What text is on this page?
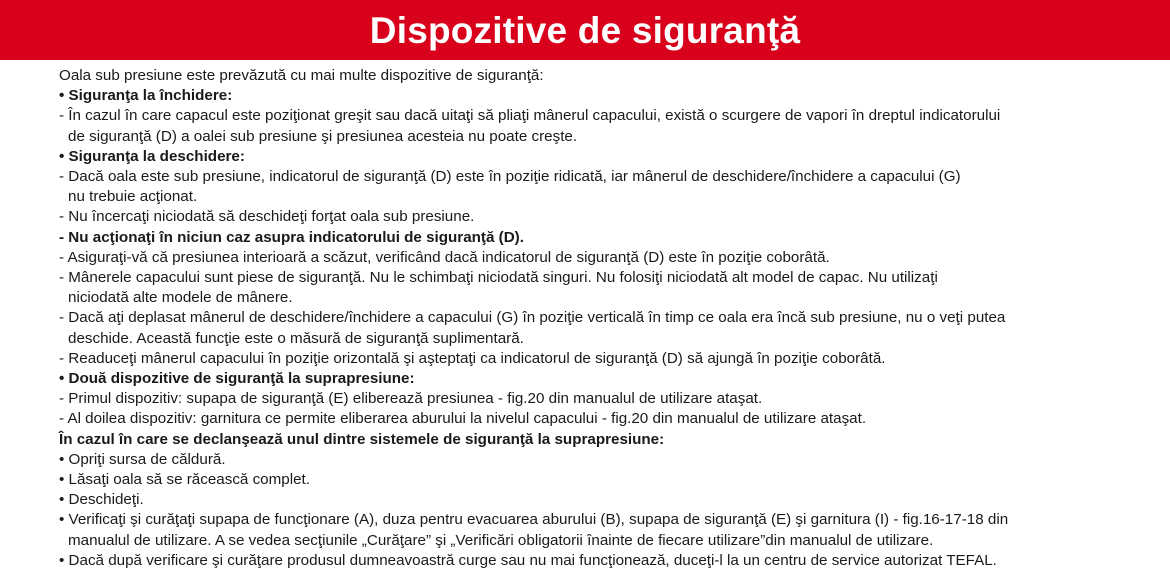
Dispozitive de siguranţă
Oala sub presiune este prevăzută cu mai multe dispozitive de siguranţă:
• Siguranţa la închidere:
- În cazul în care capacul este poziţionat greşit sau dacă uitaţi să pliaţi mânerul capacului, există o scurgere de vapori în dreptul indicatorului
de siguranţă (D) a oalei sub presiune şi presiunea acesteia nu poate creşte.
• Siguranţa la deschidere:
- Dacă oala este sub presiune, indicatorul de siguranţă (D) este în poziţie ridicată, iar mânerul de deschidere/închidere a capacului (G)
nu trebuie acţionat.
- Nu încercaţi niciodată să deschideţi forţat oala sub presiune.
- Nu acţionaţi în niciun caz asupra indicatorului de siguranţă (D).
- Asiguraţi-vă că presiunea interioară a scăzut, verificând dacă indicatorul de siguranţă (D) este în poziţie coborâtă.
- Mânerele capacului sunt piese de siguranţă. Nu le schimbaţi niciodată singuri. Nu folosiţi niciodată alt model de capac. Nu utilizaţi
niciodată alte modele de mânere.
- Dacă aţi deplasat mânerul de deschidere/închidere a capacului (G) în poziţie verticală în timp ce oala era încă sub presiune, nu o veţi putea
deschide. Această funcţie este o măsură de siguranţă suplimentară.
- Readuceţi mânerul capacului în poziţie orizontală şi aşteptaţi ca indicatorul de siguranţă (D) să ajungă în poziţie coborâtă.
• Două dispozitive de siguranţă la suprapresiune:
- Primul dispozitiv: supapa de siguranţă (E) eliberează presiunea - fig.20 din manualul de utilizare ataşat.
- Al doilea dispozitiv: garnitura ce permite eliberarea aburului la nivelul capacului - fig.20 din manualul de utilizare ataşat.
În cazul în care se declanşează unul dintre sistemele de siguranţă la suprapresiune:
• Opriţi sursa de căldură.
• Lăsaţi oala să se răcească complet.
• Deschideţi.
• Verificaţi şi curăţaţi supapa de funcţionare (A), duza pentru evacuarea aburului (B), supapa de siguranţă (E) şi garnitura (I) - fig.16-17-18 din
manualul de utilizare. A se vedea secţiunile „Curăţare” şi „Verificări obligatorii înainte de fiecare utilizare”din manualul de utilizare.
• Dacă după verificare şi curăţare produsul dumneavoastră curge sau nu mai funcţionează, duceţi-l la un centru de service autorizat TEFAL.
